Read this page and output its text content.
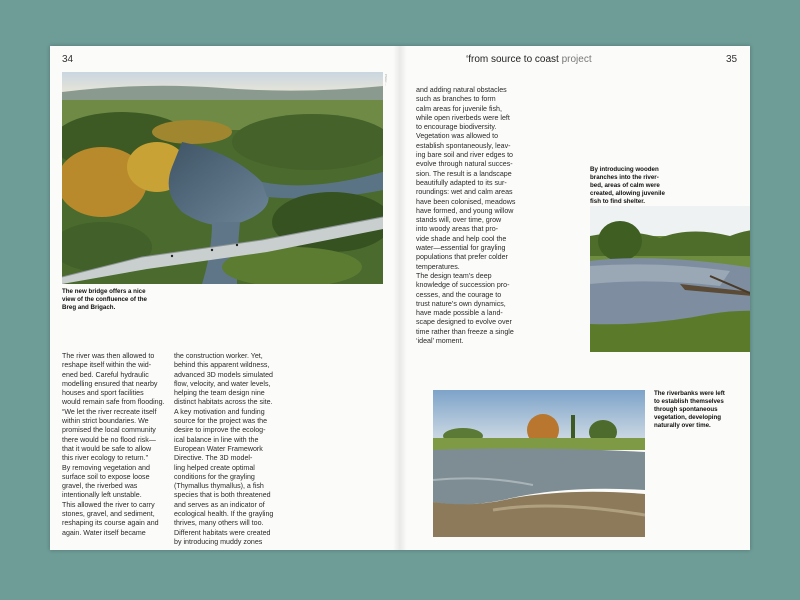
34
Photo: ...
The new bridge offers a nice
view of the confluence of the
Breg and Brigach.
The river was then allowed to
reshape itself within the wid-
ened bed. Careful hydraulic
modelling ensured that nearby
houses and sport facilities
would remain safe from flooding.
“We let the river recreate itself
within strict boundaries. We
promised the local community
there would be no flood risk—
that it would be safe to allow
this river ecology to return.”
By removing vegetation and
surface soil to expose loose
gravel, the riverbed was
intentionally left unstable.
This allowed the river to carry
stones, gravel, and sediment,
reshaping its course again and
again. Water itself became
the construction worker. Yet,
behind this apparent wildness,
advanced 3D models simulated
flow, velocity, and water levels,
helping the team design nine
distinct habitats across the site.
A key motivation and funding
source for the project was the
desire to improve the ecolog-
ical balance in line with the
European Water Framework
Directive. The 3D model-
ling helped create optimal
conditions for the grayling
(Thymallus thymallus), a fish
species that is both threatened
and serves as an indicator of
ecological health. If the grayling
thrives, many others will too.
Different habitats were created
by introducing muddy zones
‘from source to coast project	35
and adding natural obstacles
such as branches to form
calm areas for juvenile fish,
while open riverbeds were left
to encourage biodiversity.
Vegetation was allowed to
establish spontaneously, leav-
ing bare soil and river edges to
evolve through natural succes-
sion. The result is a landscape
beautifully adapted to its sur-
roundings: wet and calm areas
have been colonised, meadows
have formed, and young willow
stands will, over time, grow
into woody areas that pro-
vide shade and help cool the
water—essential for grayling
populations that prefer colder
temperatures.
The design team’s deep
knowledge of succession pro-
cesses, and the courage to
trust nature’s own dynamics,
have made possible a land-
scape designed to evolve over
time rather than freeze a single
‘ideal’ moment.
By introducing wooden
branches into the river-
bed, areas of calm were
created, allowing juvenile
fish to find shelter.
The riverbanks were left
to establish themselves
through spontaneous
vegetation, developing
naturally over time.
